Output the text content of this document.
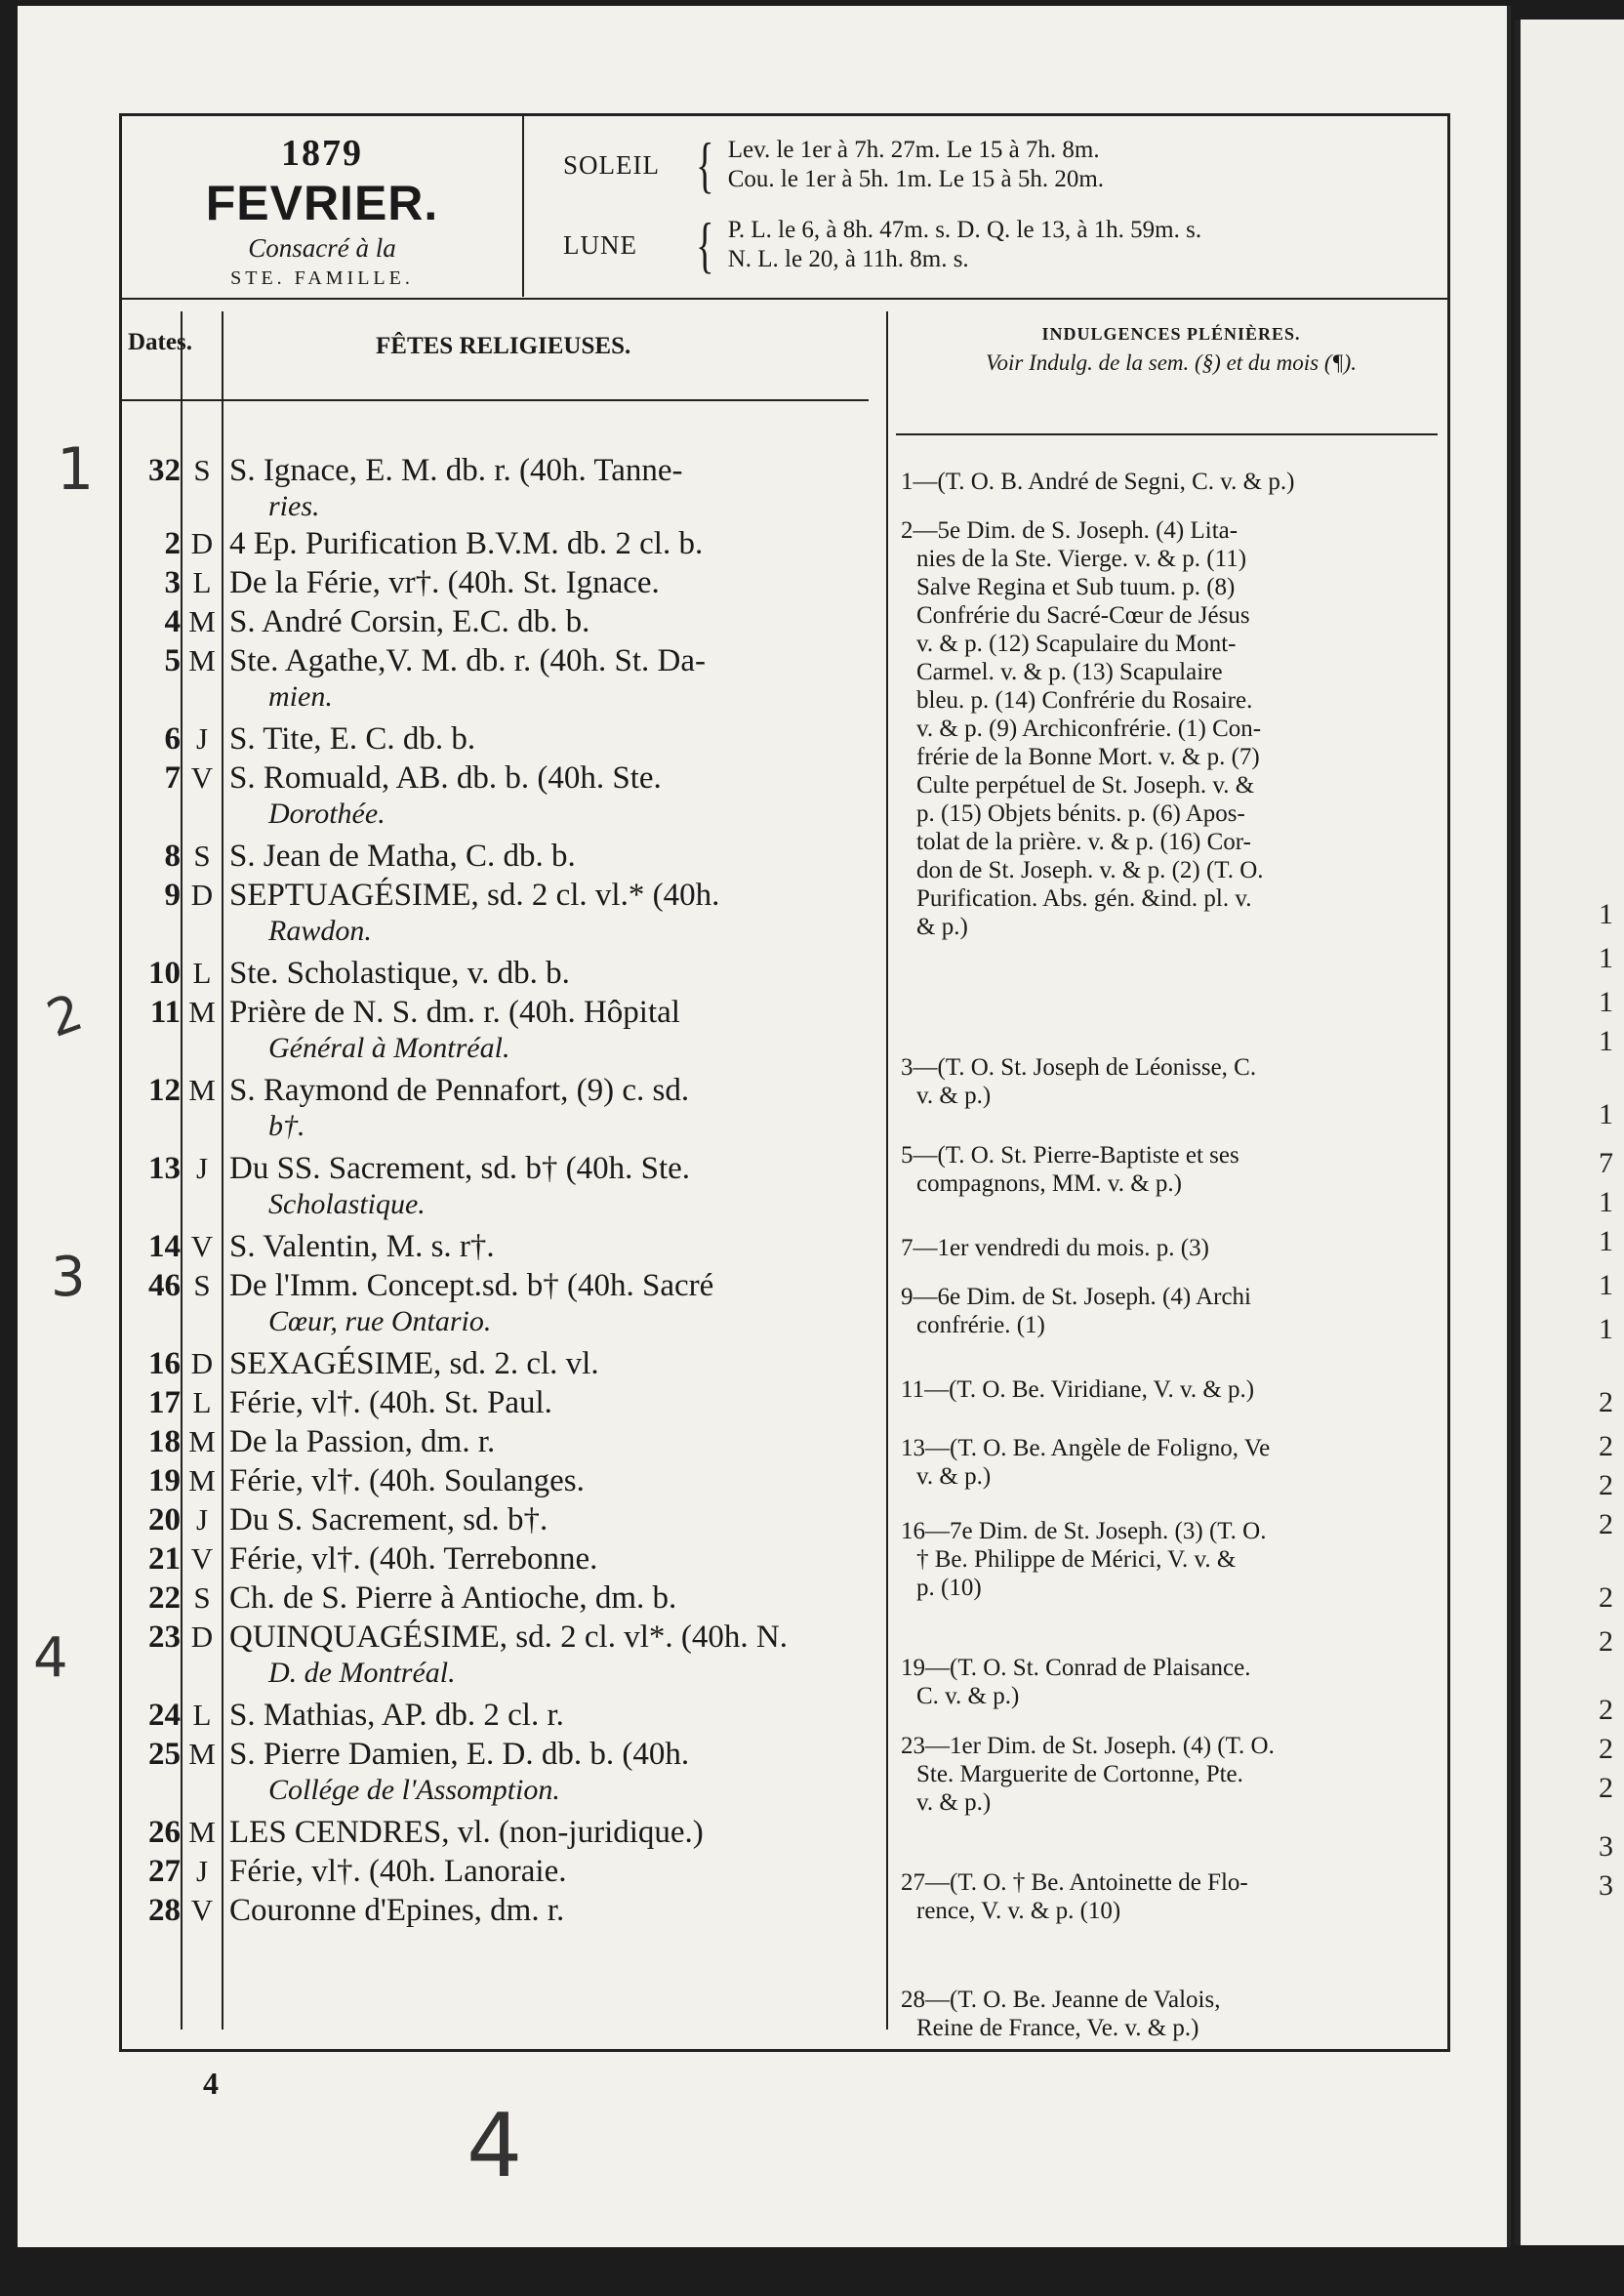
1879
FEVRIER.
Consacré à la
STE. FAMILLE.
SOLEIL { Lev. le 1er à 7h. 27m. Le 15 à 7h. 8m.
Cou. le 1er à 5h. 1m. Le 15 à 5h. 20m.
LUNE { P. L. le 6, à 8h. 47m. s. D. Q. le 13, à 1h. 59m. s.
N. L. le 20, à 11h. 8m. s.
Dates.	FÊTES RELIGIEUSES.	INDULGENCES PLÉNIÈRES.
Voir Indulg. de la sem. (§) et du mois (¶).
32 S S. Ignace, E. M. db. r. (40h. Tanne-
ries.
2 D 4 Ep. Purification B.V.M. db. 2 cl. b.
3 L De la Férie, vr†. (40h. St. Ignace.
4 M S. André Corsin, E.C. db. b.
5 M Ste. Agathe,V. M. db. r. (40h. St. Da-
mien.
6 J S. Tite, E. C. db. b.
7 V S. Romuald, AB. db. b. (40h. Ste.
Dorothée.
8 S S. Jean de Matha, C. db. b.
9 D SEPTUAGÉSIME, sd. 2 cl. vl.* (40h.
Rawdon.
10 L Ste. Scholastique, v. db. b.
11 M Prière de N. S. dm. r. (40h. Hôpital
Général à Montréal.
12 M S. Raymond de Pennafort, (9) c. sd.
b†.
13 J Du SS. Sacrement, sd. b† (40h. Ste.
Scholastique.
14 V S. Valentin, M. s. r†.
46 S De l'Imm. Concept.sd. b† (40h. Sacré
Cœur, rue Ontario.
16 D SEXAGÉSIME, sd. 2. cl. vl.
17 L Férie, vl†. (40h. St. Paul.
18 M De la Passion, dm. r.
19 M Férie, vl†. (40h. Soulanges.
20 J Du S. Sacrement, sd. b†.
21 V Férie, vl†. (40h. Terrebonne.
22 S Ch. de S. Pierre à Antioche, dm. b.
23 D QUINQUAGÉSIME, sd. 2 cl. vl*. (40h. N.
D. de Montréal.
24 L S. Mathias, AP. db. 2 cl. r.
25 M S. Pierre Damien, E. D. db. b. (40h.
Collége de l'Assomption.
26 M LES CENDRES, vl. (non-juridique.)
27 J Férie, vl†. (40h. Lanoraie.
28 V Couronne d'Epines, dm. r.
1—(T. O. B. André de Segni, C. v. & p.)
2—5e Dim. de S. Joseph. (4) Lita-
nies de la Ste. Vierge. v. & p. (11)
Salve Regina et Sub tuum. p. (8)
Confrérie du Sacré-Cœur de Jésus
v. & p. (12) Scapulaire du Mont-
Carmel. v. & p. (13) Scapulaire
bleu. p. (14) Confrérie du Rosaire.
v. & p. (9) Archiconfrérie. (1) Con-
frérie de la Bonne Mort. v. & p. (7)
Culte perpétuel de St. Joseph. v. &
p. (15) Objets bénits. p. (6) Apos-
tolat de la prière. v. & p. (16) Cor-
don de St. Joseph. v. & p. (2) (T. O.
Purification. Abs. gén. &ind. pl. v.
& p.)
3—(T. O. St. Joseph de Léonisse, C.
v. & p.)
5—(T. O. St. Pierre-Baptiste et ses
compagnons, MM. v. & p.)
7—1er vendredi du mois. p. (3)
9—6e Dim. de St. Joseph. (4) Archi
confrérie. (1)
11—(T. O. Be. Viridiane, V. v. & p.)
13—(T. O. Be. Angèle de Foligno, Ve
v. & p.)
16—7e Dim. de St. Joseph. (3) (T. O.
† Be. Philippe de Mérici, V. v. &
p. (10)
19—(T. O. St. Conrad de Plaisance.
C. v. & p.)
23—1er Dim. de St. Joseph. (4) (T. O.
Ste. Marguerite de Cortonne, Pte.
v. & p.)
27—(T. O. † Be. Antoinette de Flo-
rence, V. v. & p. (10)
28—(T. O. Be. Jeanne de Valois,
Reine de France, Ve. v. & p.)
4
1
2
3
4
4
1
1
1
1
1
7
1
1
1
1
2
2
2
2
2
2
2
2
2
3
3
